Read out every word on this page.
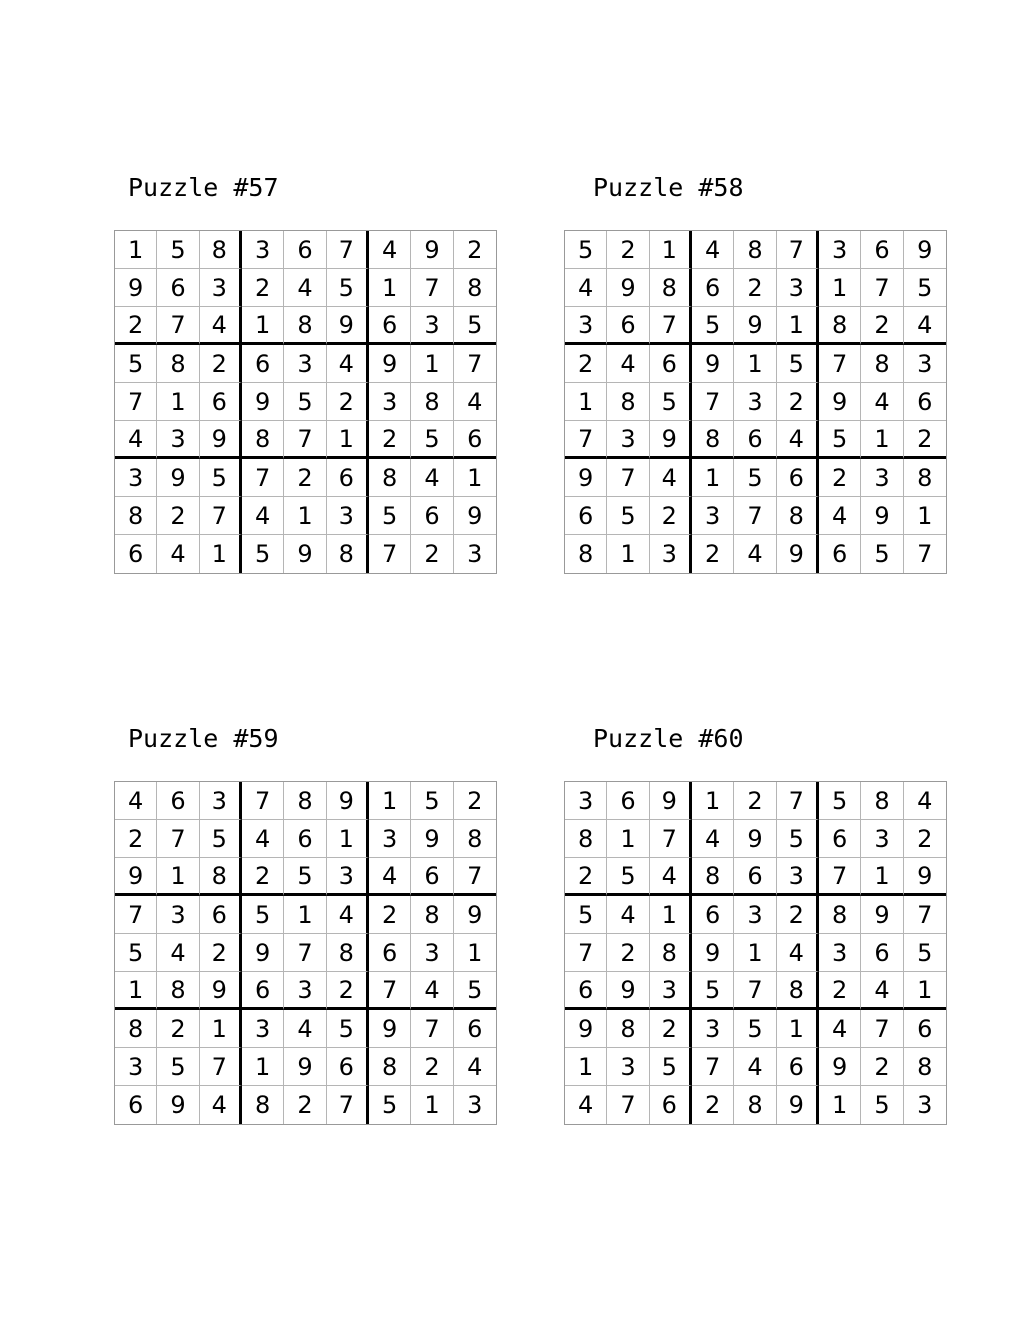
Puzzle #57
1	5	8	3	6	7	4	9	2
9	6	3	2	4	5	1	7	8
2	7	4	1	8	9	6	3	5
5	8	2	6	3	4	9	1	7
7	1	6	9	5	2	3	8	4
4	3	9	8	7	1	2	5	6
3	9	5	7	2	6	8	4	1
8	2	7	4	1	3	5	6	9
6	4	1	5	9	8	7	2	3
Puzzle #58
5	2	1	4	8	7	3	6	9
4	9	8	6	2	3	1	7	5
3	6	7	5	9	1	8	2	4
2	4	6	9	1	5	7	8	3
1	8	5	7	3	2	9	4	6
7	3	9	8	6	4	5	1	2
9	7	4	1	5	6	2	3	8
6	5	2	3	7	8	4	9	1
8	1	3	2	4	9	6	5	7
Puzzle #59
4	6	3	7	8	9	1	5	2
2	7	5	4	6	1	3	9	8
9	1	8	2	5	3	4	6	7
7	3	6	5	1	4	2	8	9
5	4	2	9	7	8	6	3	1
1	8	9	6	3	2	7	4	5
8	2	1	3	4	5	9	7	6
3	5	7	1	9	6	8	2	4
6	9	4	8	2	7	5	1	3
Puzzle #60
3	6	9	1	2	7	5	8	4
8	1	7	4	9	5	6	3	2
2	5	4	8	6	3	7	1	9
5	4	1	6	3	2	8	9	7
7	2	8	9	1	4	3	6	5
6	9	3	5	7	8	2	4	1
9	8	2	3	5	1	4	7	6
1	3	5	7	4	6	9	2	8
4	7	6	2	8	9	1	5	3
